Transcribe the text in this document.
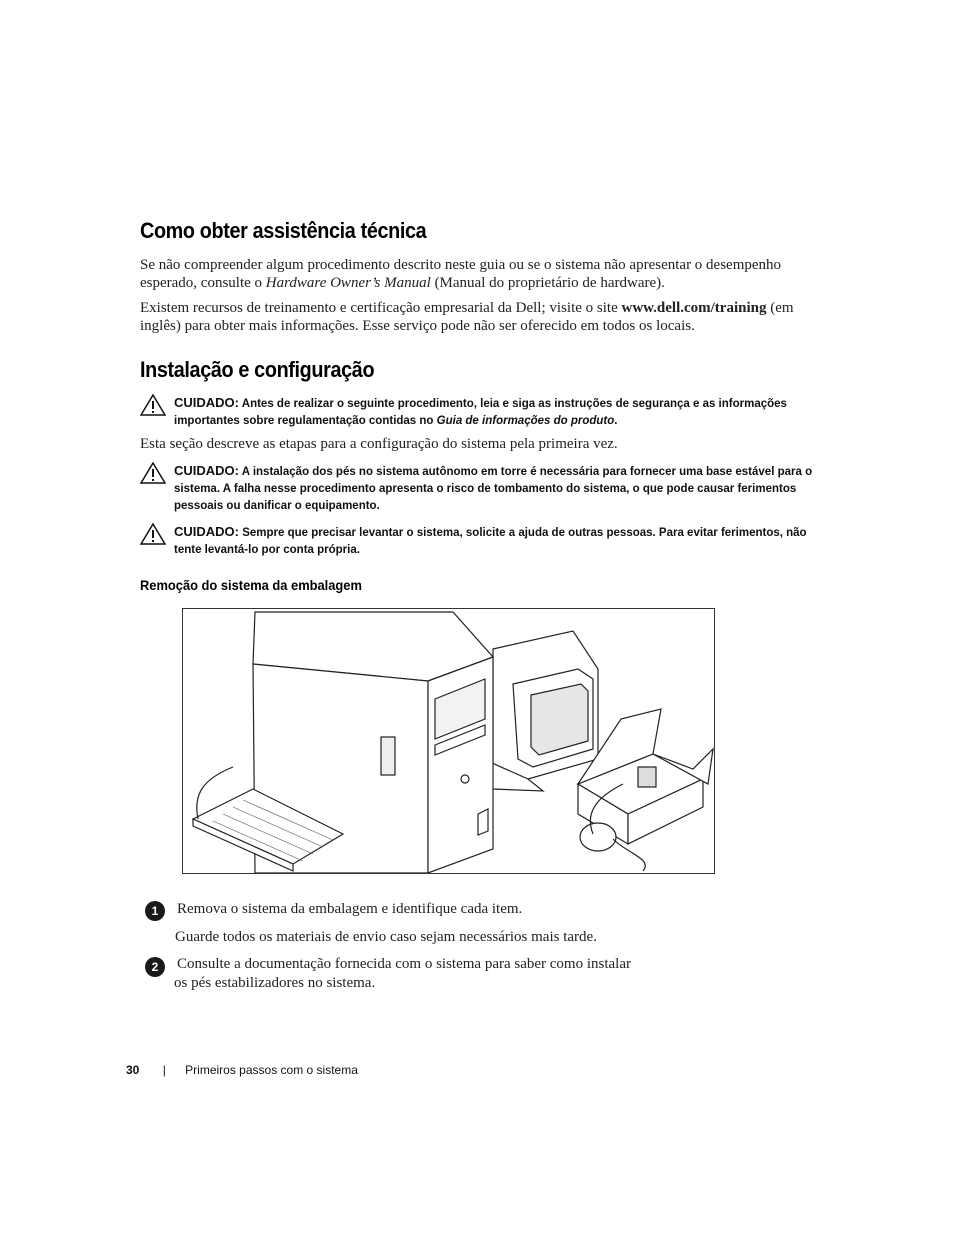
Como obter assistência técnica

Se não compreender algum procedimento descrito neste guia ou se o sistema não apresentar o desempenho esperado, consulte o Hardware Owner’s Manual (Manual do proprietário de hardware).

Existem recursos de treinamento e certificação empresarial da Dell; visite o site www.dell.com/training (em inglês) para obter mais informações. Esse serviço pode não ser oferecido em todos os locais.

Instalação e configuração

CUIDADO: Antes de realizar o seguinte procedimento, leia e siga as instruções de segurança e as informações importantes sobre regulamentação contidas no Guia de informações do produto.

Esta seção descreve as etapas para a configuração do sistema pela primeira vez.

CUIDADO: A instalação dos pés no sistema autônomo em torre é necessária para fornecer uma base estável para o sistema. A falha nesse procedimento apresenta o risco de tombamento do sistema, o que pode causar ferimentos pessoais ou danificar o equipamento.

CUIDADO: Sempre que precisar levantar o sistema, solicite a ajuda de outras pessoas. Para evitar ferimentos, não tente levantá-lo por conta própria.

Remoção do sistema da embalagem
1	Remova o sistema da embalagem e identifique cada item.

Guarde todos os materiais de envio caso sejam necessários mais tarde.

2	Consulte a documentação fornecida com o sistema para saber como instalar

os pés estabilizadores no sistema.

30 | Primeiros passos com o sistema
